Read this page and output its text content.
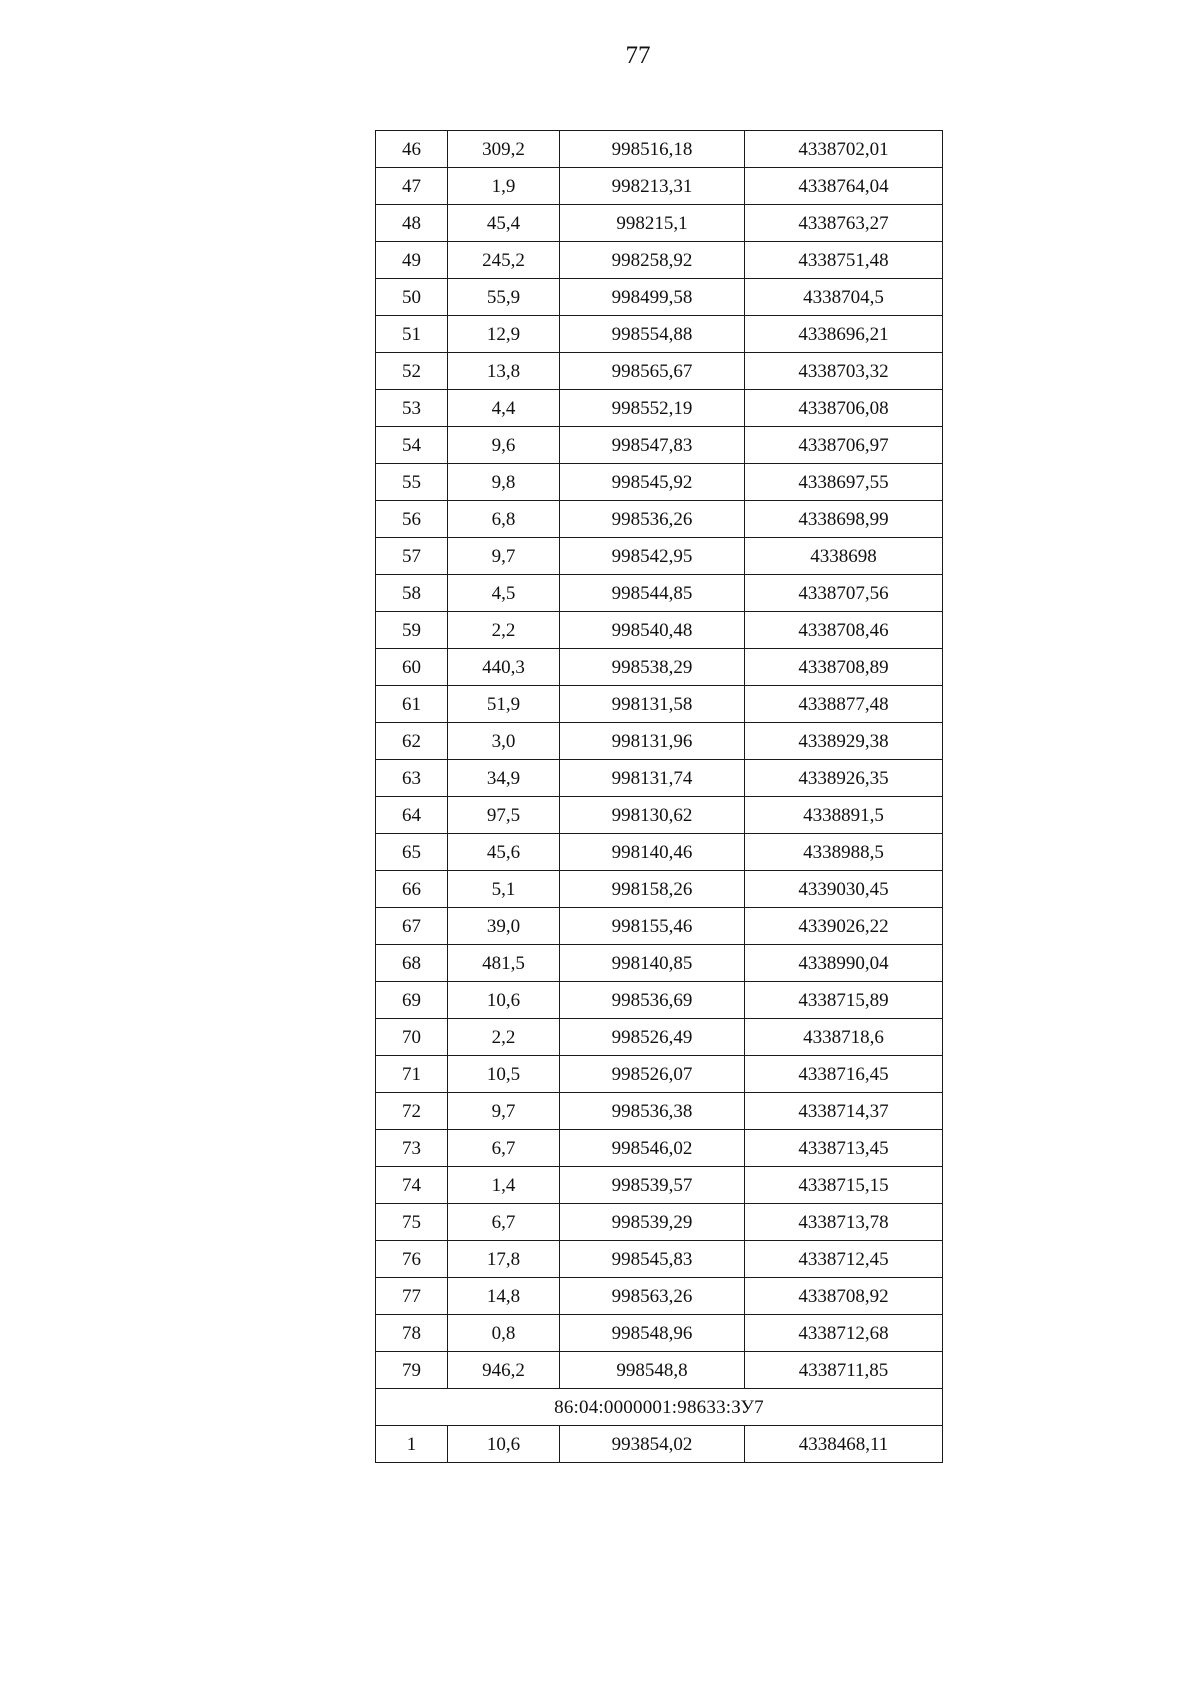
77
46	309,2	998516,18	4338702,01
47	1,9	998213,31	4338764,04
48	45,4	998215,1	4338763,27
49	245,2	998258,92	4338751,48
50	55,9	998499,58	4338704,5
51	12,9	998554,88	4338696,21
52	13,8	998565,67	4338703,32
53	4,4	998552,19	4338706,08
54	9,6	998547,83	4338706,97
55	9,8	998545,92	4338697,55
56	6,8	998536,26	4338698,99
57	9,7	998542,95	4338698
58	4,5	998544,85	4338707,56
59	2,2	998540,48	4338708,46
60	440,3	998538,29	4338708,89
61	51,9	998131,58	4338877,48
62	3,0	998131,96	4338929,38
63	34,9	998131,74	4338926,35
64	97,5	998130,62	4338891,5
65	45,6	998140,46	4338988,5
66	5,1	998158,26	4339030,45
67	39,0	998155,46	4339026,22
68	481,5	998140,85	4338990,04
69	10,6	998536,69	4338715,89
70	2,2	998526,49	4338718,6
71	10,5	998526,07	4338716,45
72	9,7	998536,38	4338714,37
73	6,7	998546,02	4338713,45
74	1,4	998539,57	4338715,15
75	6,7	998539,29	4338713,78
76	17,8	998545,83	4338712,45
77	14,8	998563,26	4338708,92
78	0,8	998548,96	4338712,68
79	946,2	998548,8	4338711,85
86:04:0000001:98633:ЗУ7			
1	10,6	993854,02	4338468,11
